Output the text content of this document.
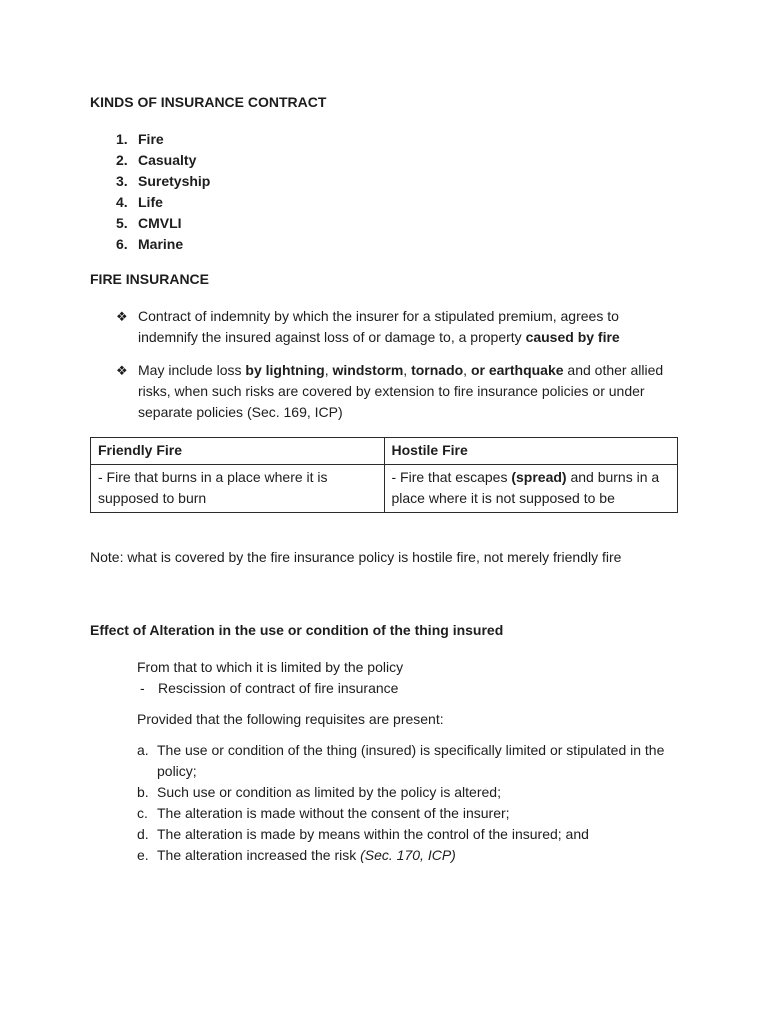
KINDS OF INSURANCE CONTRACT
1. Fire
2. Casualty
3. Suretyship
4. Life
5. CMVLI
6. Marine
FIRE INSURANCE
❖ Contract of indemnity by which the insurer for a stipulated premium, agrees to indemnify the insured against loss of or damage to, a property caused by fire
❖ May include loss by lightning, windstorm, tornado, or earthquake and other allied risks, when such risks are covered by extension to fire insurance policies or under separate policies (Sec. 169, ICP)
Friendly Fire	Hostile Fire
- Fire that burns in a place where it is supposed to burn	- Fire that escapes (spread) and burns in a place where it is not supposed to be

Note: what is covered by the fire insurance policy is hostile fire, not merely friendly fire

Effect of Alteration in the use or condition of the thing insured

From that to which it is limited by the policy

- Rescission of contract of fire insurance

Provided that the following requisites are present:

a. The use or condition of the thing (insured) is specifically limited or stipulated in the policy;
b. Such use or condition as limited by the policy is altered;
c. The alteration is made without the consent of the insurer;
d. The alteration is made by means within the control of the insured; and
e. The alteration increased the risk (Sec. 170, ICP)
